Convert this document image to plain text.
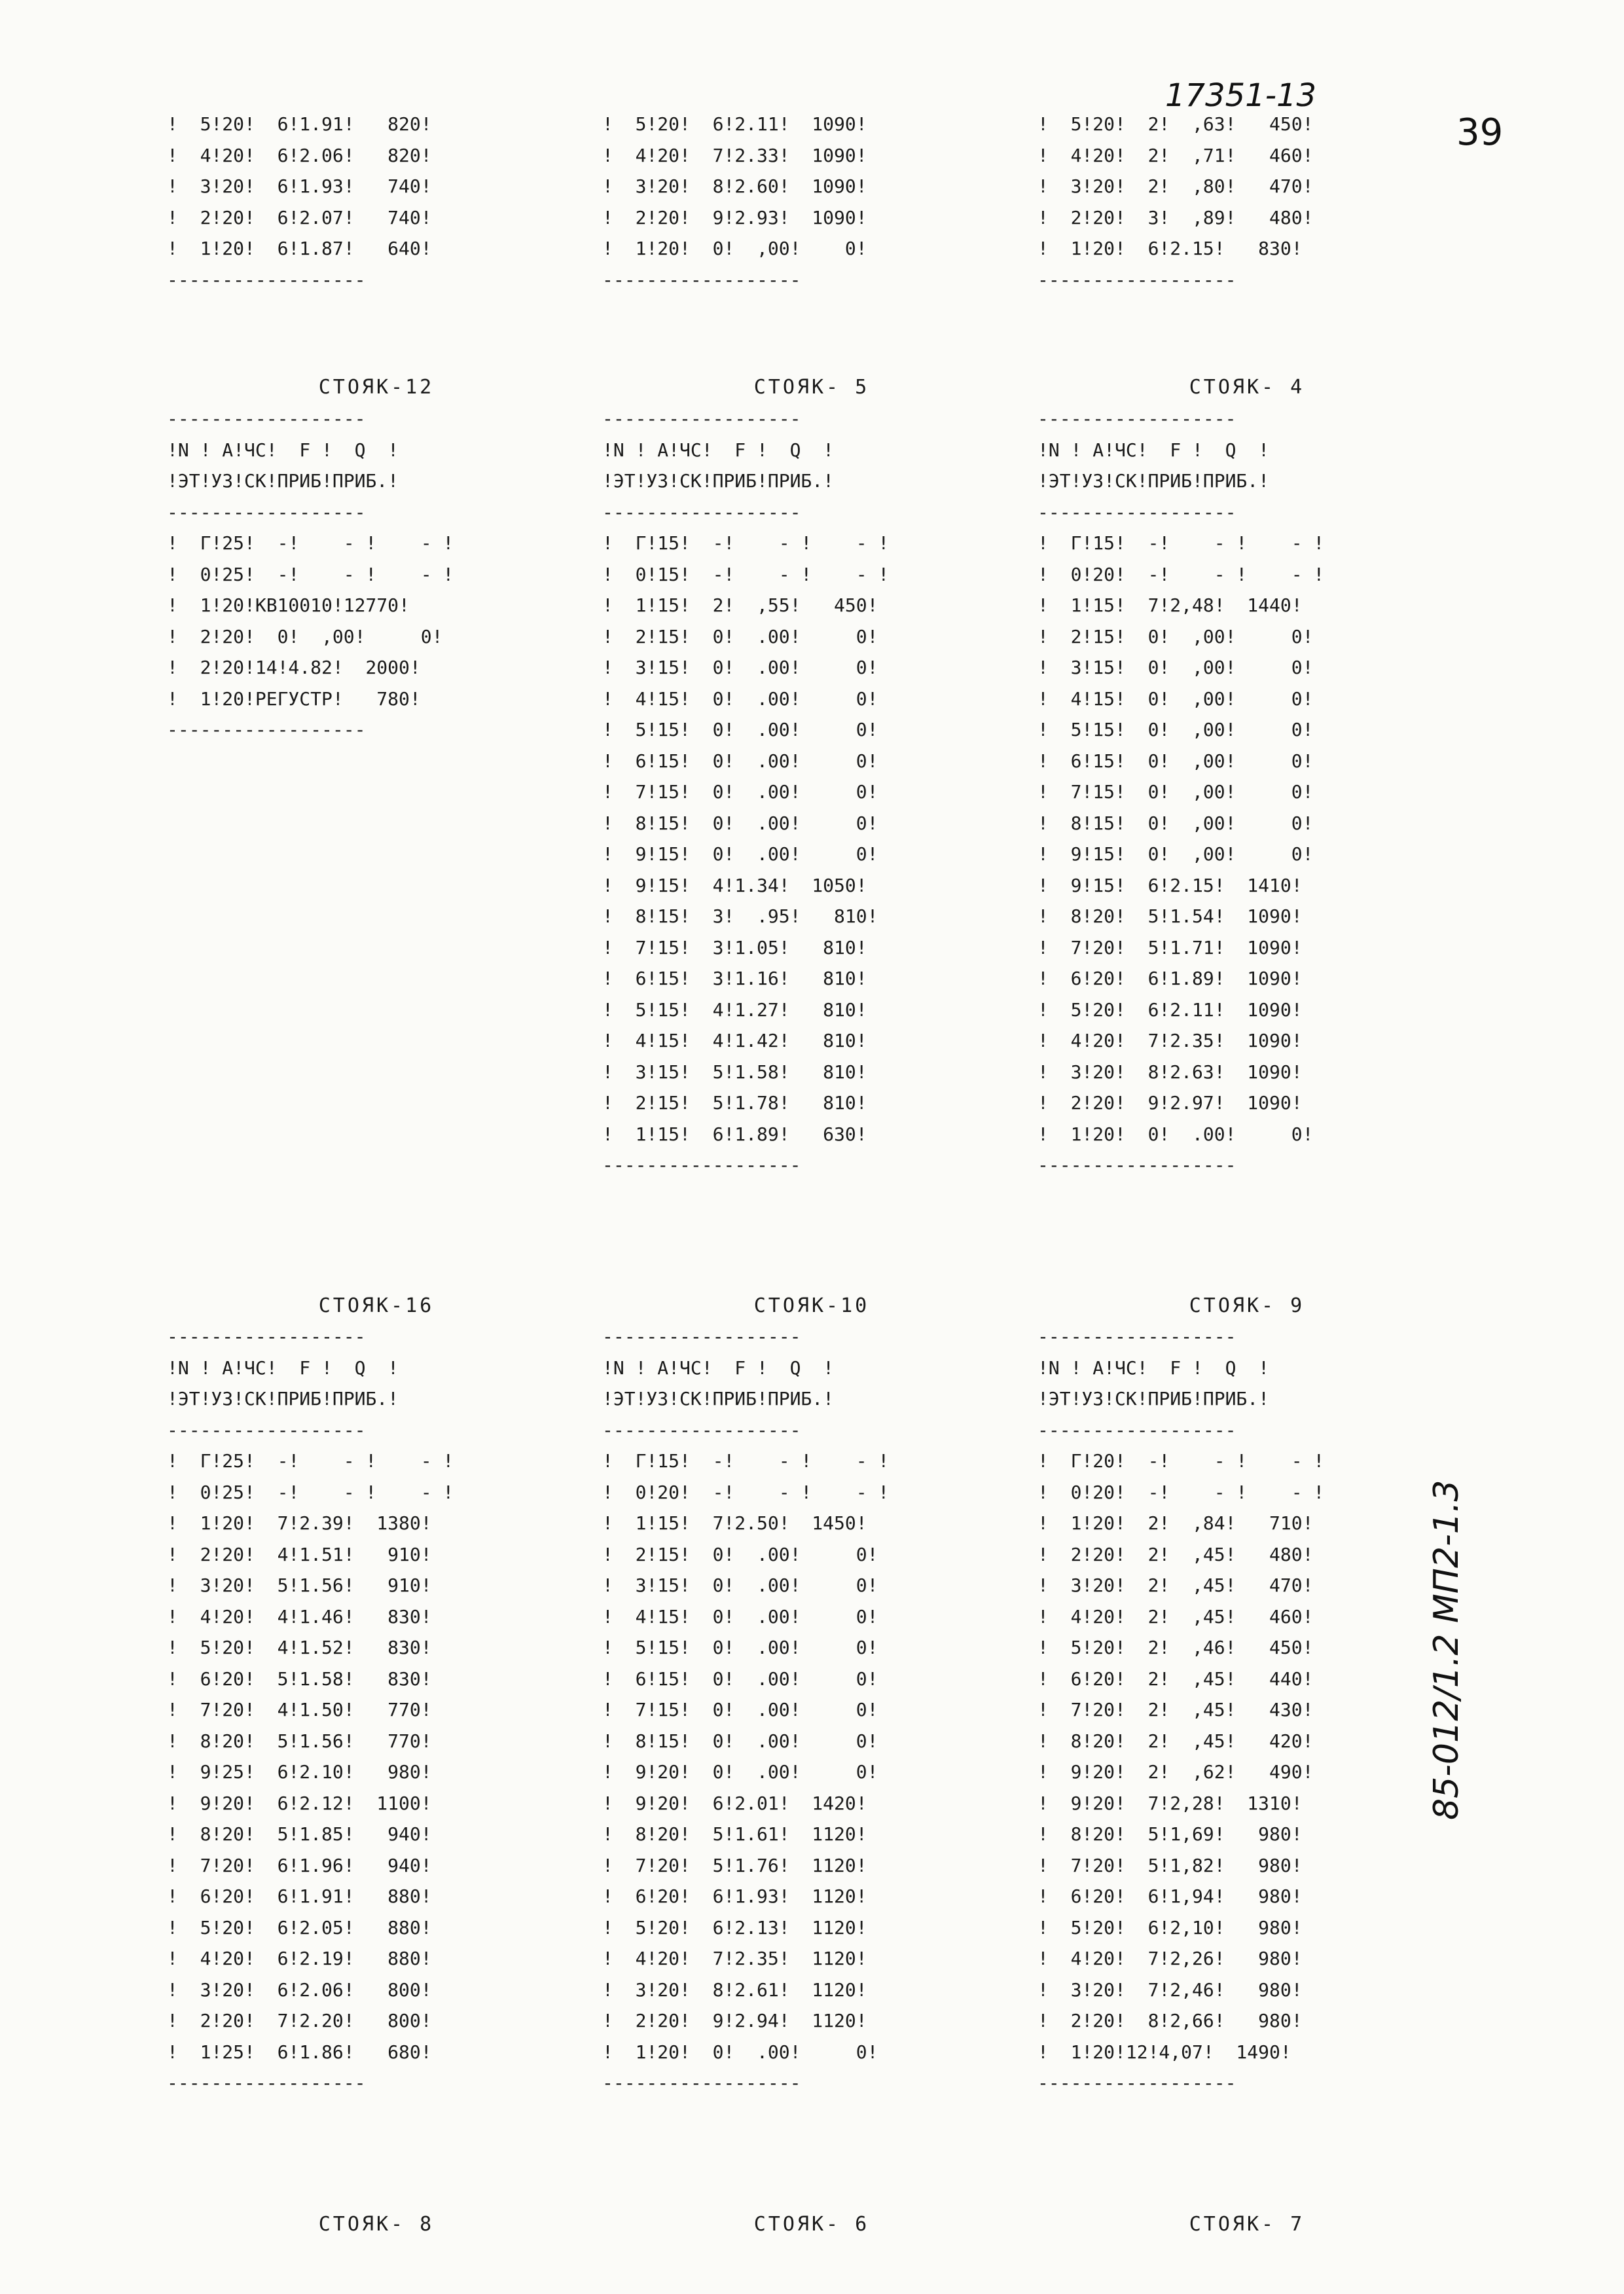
17351-13
39
85-012/1.2 МП2-1.3
!  5!20!  6!1.91!   820!
!  4!20!  6!2.06!   820!
!  3!20!  6!1.93!   740!
!  2!20!  6!2.07!   740!
!  1!20!  6!1.87!   640!
------------------
!  5!20!  6!2.11!  1090!
!  4!20!  7!2.33!  1090!
!  3!20!  8!2.60!  1090!
!  2!20!  9!2.93!  1090!
!  1!20!  0!  ,00!    0!
------------------
!  5!20!  2!  ,63!   450!
!  4!20!  2!  ,71!   460!
!  3!20!  2!  ,80!   470!
!  2!20!  3!  ,89!   480!
!  1!20!  6!2.15!   830!
------------------
СТОЯК-12	СТОЯК- 5	СТОЯК- 4
------------------
!N ! А!ЧС!  F !  Q  !
!ЭТ!УЗ!СК!ПРИБ!ПРИБ.!
------------------
!  Г!25!  -!    - !    - !
!  0!25!  -!    - !    - !
!  1!20!КВ10010!12770!
!  2!20!  0!  ,00!     0!
!  2!20!14!4.82!  2000!
!  1!20!РЕГУСТР!   780!
------------------
------------------
!N ! А!ЧС!  F !  Q  !
!ЭТ!УЗ!СК!ПРИБ!ПРИБ.!
------------------
!  Г!15!  -!    - !    - !
!  0!15!  -!    - !    - !
!  1!15!  2!  ,55!   450!
!  2!15!  0!  .00!     0!
!  3!15!  0!  .00!     0!
!  4!15!  0!  .00!     0!
!  5!15!  0!  .00!     0!
!  6!15!  0!  .00!     0!
!  7!15!  0!  .00!     0!
!  8!15!  0!  .00!     0!
!  9!15!  0!  .00!     0!
!  9!15!  4!1.34!  1050!
!  8!15!  3!  .95!   810!
!  7!15!  3!1.05!   810!
!  6!15!  3!1.16!   810!
!  5!15!  4!1.27!   810!
!  4!15!  4!1.42!   810!
!  3!15!  5!1.58!   810!
!  2!15!  5!1.78!   810!
!  1!15!  6!1.89!   630!
------------------
------------------
!N ! А!ЧС!  F !  Q  !
!ЭТ!УЗ!СК!ПРИБ!ПРИБ.!
------------------
!  Г!15!  -!    - !    - !
!  0!20!  -!    - !    - !
!  1!15!  7!2,48!  1440!
!  2!15!  0!  ,00!     0!
!  3!15!  0!  ,00!     0!
!  4!15!  0!  ,00!     0!
!  5!15!  0!  ,00!     0!
!  6!15!  0!  ,00!     0!
!  7!15!  0!  ,00!     0!
!  8!15!  0!  ,00!     0!
!  9!15!  0!  ,00!     0!
!  9!15!  6!2.15!  1410!
!  8!20!  5!1.54!  1090!
!  7!20!  5!1.71!  1090!
!  6!20!  6!1.89!  1090!
!  5!20!  6!2.11!  1090!
!  4!20!  7!2.35!  1090!
!  3!20!  8!2.63!  1090!
!  2!20!  9!2.97!  1090!
!  1!20!  0!  .00!     0!
------------------
СТОЯК-16	СТОЯК-10	СТОЯК- 9
------------------
!N ! А!ЧС!  F !  Q  !
!ЭТ!УЗ!СК!ПРИБ!ПРИБ.!
------------------
!  Г!25!  -!    - !    - !
!  0!25!  -!    - !    - !
!  1!20!  7!2.39!  1380!
!  2!20!  4!1.51!   910!
!  3!20!  5!1.56!   910!
!  4!20!  4!1.46!   830!
!  5!20!  4!1.52!   830!
!  6!20!  5!1.58!   830!
!  7!20!  4!1.50!   770!
!  8!20!  5!1.56!   770!
!  9!25!  6!2.10!   980!
!  9!20!  6!2.12!  1100!
!  8!20!  5!1.85!   940!
!  7!20!  6!1.96!   940!
!  6!20!  6!1.91!   880!
!  5!20!  6!2.05!   880!
!  4!20!  6!2.19!   880!
!  3!20!  6!2.06!   800!
!  2!20!  7!2.20!   800!
!  1!25!  6!1.86!   680!
------------------
------------------
!N ! А!ЧС!  F !  Q  !
!ЭТ!УЗ!СК!ПРИБ!ПРИБ.!
------------------
!  Г!15!  -!    - !    - !
!  0!20!  -!    - !    - !
!  1!15!  7!2.50!  1450!
!  2!15!  0!  .00!     0!
!  3!15!  0!  .00!     0!
!  4!15!  0!  .00!     0!
!  5!15!  0!  .00!     0!
!  6!15!  0!  .00!     0!
!  7!15!  0!  .00!     0!
!  8!15!  0!  .00!     0!
!  9!20!  0!  .00!     0!
!  9!20!  6!2.01!  1420!
!  8!20!  5!1.61!  1120!
!  7!20!  5!1.76!  1120!
!  6!20!  6!1.93!  1120!
!  5!20!  6!2.13!  1120!
!  4!20!  7!2.35!  1120!
!  3!20!  8!2.61!  1120!
!  2!20!  9!2.94!  1120!
!  1!20!  0!  .00!     0!
------------------
------------------
!N ! А!ЧС!  F !  Q  !
!ЭТ!УЗ!СК!ПРИБ!ПРИБ.!
------------------
!  Г!20!  -!    - !    - !
!  0!20!  -!    - !    - !
!  1!20!  2!  ,84!   710!
!  2!20!  2!  ,45!   480!
!  3!20!  2!  ,45!   470!
!  4!20!  2!  ,45!   460!
!  5!20!  2!  ,46!   450!
!  6!20!  2!  ,45!   440!
!  7!20!  2!  ,45!   430!
!  8!20!  2!  ,45!   420!
!  9!20!  2!  ,62!   490!
!  9!20!  7!2,28!  1310!
!  8!20!  5!1,69!   980!
!  7!20!  5!1,82!   980!
!  6!20!  6!1,94!   980!
!  5!20!  6!2,10!   980!
!  4!20!  7!2,26!   980!
!  3!20!  7!2,46!   980!
!  2!20!  8!2,66!   980!
!  1!20!12!4,07!  1490!
------------------
СТОЯК- 8	СТОЯК- 6	СТОЯК- 7
